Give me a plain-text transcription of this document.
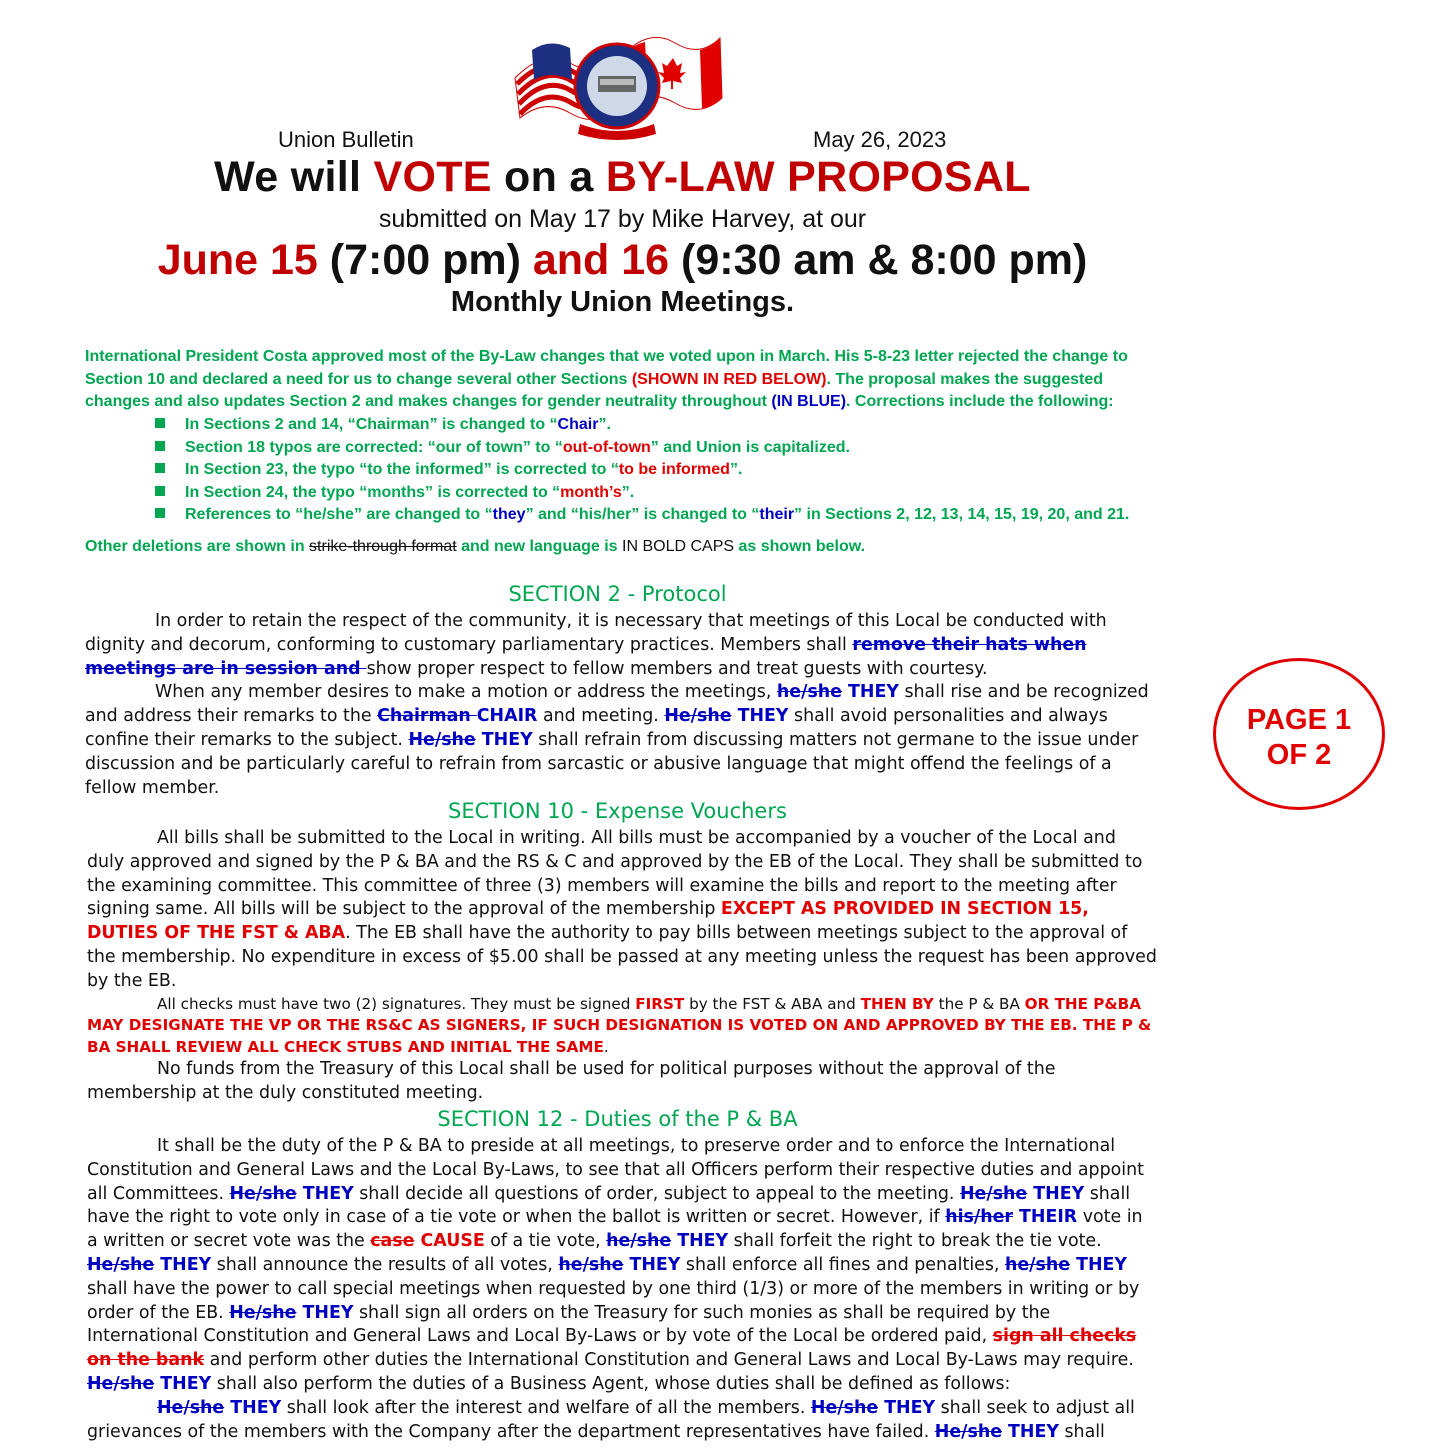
Union Bulletin	May 26, 2023
We will VOTE on a BY-LAW PROPOSAL
submitted on May 17 by Mike Harvey, at our
June 15 (7:00 pm) and 16 (9:30 am & 8:00 pm)
Monthly Union Meetings.
International President Costa approved most of the By-Law changes that we voted upon in March. His 5-8-23 letter rejected the change to Section 10 and declared a need for us to change several other Sections (SHOWN IN RED BELOW). The proposal makes the suggested changes and also updates Section 2 and makes changes for gender neutrality throughout (IN BLUE). Corrections include the following:
In Sections 2 and 14, “Chairman” is changed to “Chair”.
Section 18 typos are corrected: “our of town” to “out-of-town” and Union is capitalized.
In Section 23, the typo “to the informed” is corrected to “to be informed”.
In Section 24, the typo “months” is corrected to “month’s”.
References to “he/she” are changed to “they” and “his/her” is changed to “their” in Sections 2, 12, 13, 14, 15, 19, 20, and 21.
Other deletions are shown in strike-through format and new language is IN BOLD CAPS as shown below.
SECTION 2 - Protocol
In order to retain the respect of the community, it is necessary that meetings of this Local be conducted with dignity and decorum, conforming to customary parliamentary practices. Members shall remove their hats when meetings are in session and show proper respect to fellow members and treat guests with courtesy.
When any member desires to make a motion or address the meetings, he/she THEY shall rise and be recognized and address their remarks to the Chairman CHAIR and meeting. He/she THEY shall avoid personalities and always confine their remarks to the subject. He/she THEY shall refrain from discussing matters not germane to the issue under discussion and be particularly careful to refrain from sarcastic or abusive language that might offend the feelings of a fellow member.
SECTION 10 - Expense Vouchers
All bills shall be submitted to the Local in writing. All bills must be accompanied by a voucher of the Local and duly approved and signed by the P & BA and the RS & C and approved by the EB of the Local. They shall be submitted to the examining committee. This committee of three (3) members will examine the bills and report to the meeting after signing same. All bills will be subject to the approval of the membership EXCEPT AS PROVIDED IN SECTION 15, DUTIES OF THE FST & ABA. The EB shall have the authority to pay bills between meetings subject to the approval of the membership. No expenditure in excess of $5.00 shall be passed at any meeting unless the request has been approved by the EB.
All checks must have two (2) signatures. They must be signed FIRST by the FST & ABA and THEN BY the P & BA OR THE P&BA MAY DESIGNATE THE VP OR THE RS&C AS SIGNERS, IF SUCH DESIGNATION IS VOTED ON AND APPROVED BY THE EB. THE P & BA SHALL REVIEW ALL CHECK STUBS AND INITIAL THE SAME.
No funds from the Treasury of this Local shall be used for political purposes without the approval of the membership at the duly constituted meeting.
SECTION 12 - Duties of the P & BA
It shall be the duty of the P & BA to preside at all meetings, to preserve order and to enforce the International Constitution and General Laws and the Local By-Laws, to see that all Officers perform their respective duties and appoint all Committees. He/she THEY shall decide all questions of order, subject to appeal to the meeting. He/she THEY shall have the right to vote only in case of a tie vote or when the ballot is written or secret. However, if his/her THEIR vote in a written or secret vote was the case CAUSE of a tie vote, he/she THEY shall forfeit the right to break the tie vote. He/she THEY shall announce the results of all votes, he/she THEY shall enforce all fines and penalties, he/she THEY shall have the power to call special meetings when requested by one third (1/3) or more of the members in writing or by order of the EB. He/she THEY shall sign all orders on the Treasury for such monies as shall be required by the International Constitution and General Laws and Local By-Laws or by vote of the Local be ordered paid, sign all checks on the bank and perform other duties the International Constitution and General Laws and Local By-Laws may require. He/she THEY shall also perform the duties of a Business Agent, whose duties shall be defined as follows:
He/she THEY shall look after the interest and welfare of all the members. He/she THEY shall seek to adjust all grievances of the members with the Company after the department representatives have failed. He/she THEY shall
PAGE 1
OF 2
